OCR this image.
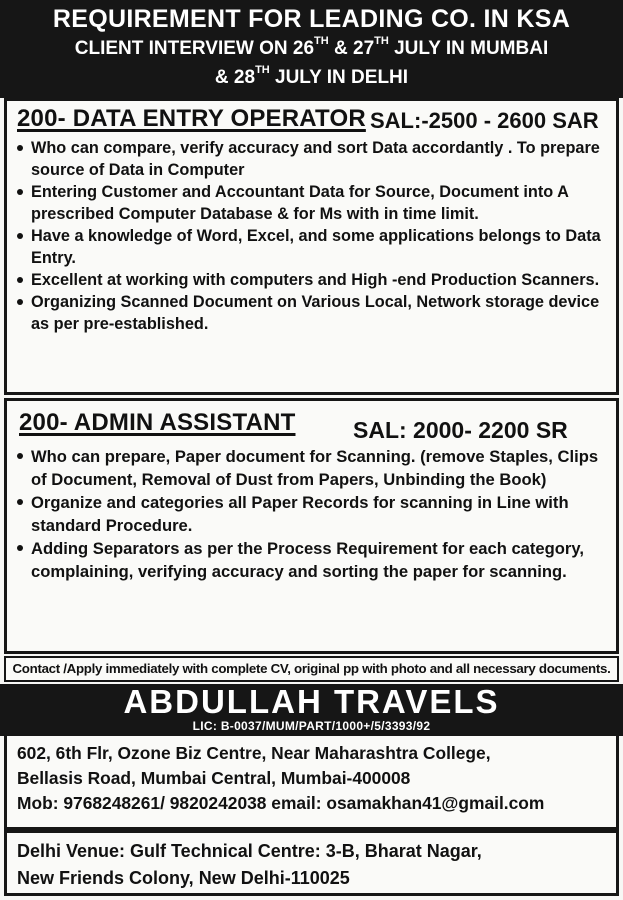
REQUIREMENT FOR LEADING CO. IN KSA
CLIENT INTERVIEW ON 26TH & 27TH JULY IN MUMBAI
& 28TH JULY IN DELHI
200- DATA ENTRY OPERATOR SAL:-2500 - 2600 SAR
Who can compare, verify accuracy and sort Data accordantly . To prepare source of Data in Computer
Entering Customer and Accountant Data for Source, Document into A prescribed Computer Database & for Ms with in time limit.
Have a knowledge of Word, Excel, and some applications belongs to Data Entry.
Excellent at working with computers and High -end Production Scanners.
Organizing Scanned Document on Various Local, Network storage device as per pre-established.
200- ADMIN ASSISTANT	SAL: 2000- 2200 SR
Who can prepare, Paper document for Scanning. (remove Staples, Clips of Document, Removal of Dust from Papers, Unbinding the Book)
Organize and categories all Paper Records for scanning in Line with standard Procedure.
Adding Separators as per the Process Requirement for each category, complaining, verifying accuracy and sorting the paper for scanning.
Contact /Apply immediately with complete CV, original pp with photo and all necessary documents.
ABDULLAH TRAVELS
LIC: B-0037/MUM/PART/1000+/5/3393/92
602, 6th Flr, Ozone Biz Centre, Near Maharashtra College,
Bellasis Road, Mumbai Central, Mumbai-400008
Mob: 9768248261/ 9820242038 email: osamakhan41@gmail.com
Delhi Venue: Gulf Technical Centre: 3-B, Bharat Nagar,
New Friends Colony, New Delhi-110025
